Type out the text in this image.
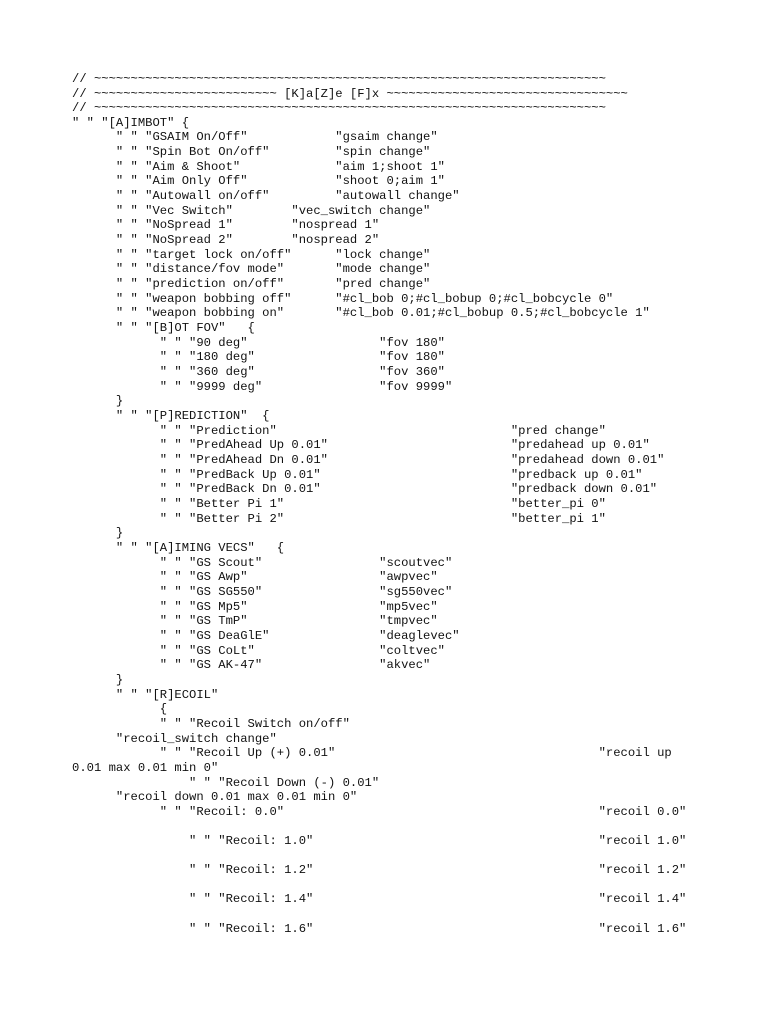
// ~~~~~~~~~~~~~~~~~~~~~~~~~~~~~~~~~~~~~~~~~~~~~~~~~~~~~~~~~~~~~~~~~~~~~~
// ~~~~~~~~~~~~~~~~~~~~~~~~~ [K]a[Z]e [F]x ~~~~~~~~~~~~~~~~~~~~~~~~~~~~~~~~~
// ~~~~~~~~~~~~~~~~~~~~~~~~~~~~~~~~~~~~~~~~~~~~~~~~~~~~~~~~~~~~~~~~~~~~~~
" " "[A]IMBOT" {
" " "GSAIM On/Off"            "gsaim change"
" " "Spin Bot On/off"         "spin change"
" " "Aim & Shoot"             "aim 1;shoot 1"
" " "Aim Only Off"            "shoot 0;aim 1"
" " "Autowall on/off"         "autowall change"
" " "Vec Switch"        "vec_switch change"
" " "NoSpread 1"        "nospread 1"
" " "NoSpread 2"        "nospread 2"
" " "target lock on/off"      "lock change"
" " "distance/fov mode"       "mode change"
" " "prediction on/off"       "pred change"
" " "weapon bobbing off"      "#cl_bob 0;#cl_bobup 0;#cl_bobcycle 0"
" " "weapon bobbing on"       "#cl_bob 0.01;#cl_bobup 0.5;#cl_bobcycle 1"
" " "[B]OT FOV"   {
" " "90 deg"                  "fov 180"
" " "180 deg"                 "fov 180"
" " "360 deg"                 "fov 360"
" " "9999 deg"                "fov 9999"
}
" " "[P]REDICTION"  {
" " "Prediction"                                "pred change"
" " "PredAhead Up 0.01"                         "predahead up 0.01"
" " "PredAhead Dn 0.01"                         "predahead down 0.01"
" " "PredBack Up 0.01"                          "predback up 0.01"
" " "PredBack Dn 0.01"                          "predback down 0.01"
" " "Better Pi 1"                               "better_pi 0"
" " "Better Pi 2"                               "better_pi 1"
}
" " "[A]IMING VECS"   {
" " "GS Scout"                "scoutvec"
" " "GS Awp"                  "awpvec"
" " "GS SG550"                "sg550vec"
" " "GS Mp5"                  "mp5vec"
" " "GS TmP"                  "tmpvec"
" " "GS DeaGlE"               "deaglevec"
" " "GS CoLt"                 "coltvec"
" " "GS AK-47"                "akvec"
}
" " "[R]ECOIL"
{
" " "Recoil Switch on/off"
"recoil_switch change"
" " "Recoil Up (+) 0.01"                                    "recoil up
0.01 max 0.01 min 0"
" " "Recoil Down (-) 0.01"
"recoil down 0.01 max 0.01 min 0"
" " "Recoil: 0.0"                                           "recoil 0.0"
" " "Recoil: 1.0"                                       "recoil 1.0"
" " "Recoil: 1.2"                                       "recoil 1.2"
" " "Recoil: 1.4"                                       "recoil 1.4"
" " "Recoil: 1.6"                                       "recoil 1.6"
